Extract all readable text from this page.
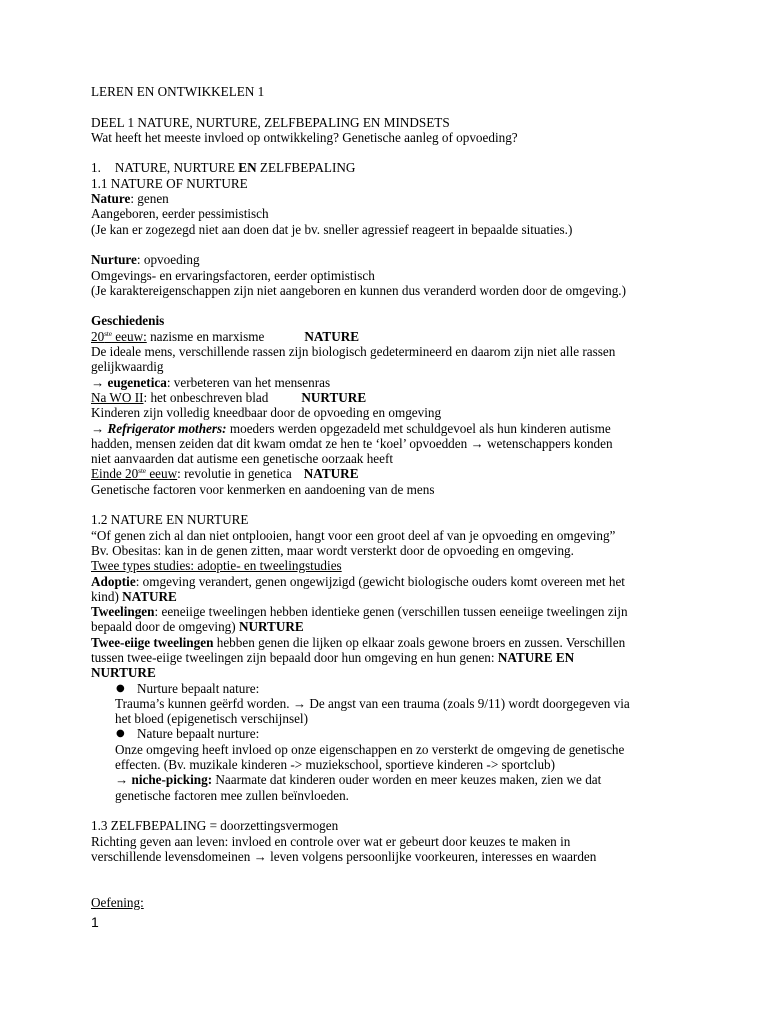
LEREN EN ONTWIKKELEN 1
DEEL 1 NATURE, NURTURE, ZELFBEPALING EN MINDSETS
Wat heeft het meeste invloed op ontwikkeling? Genetische aanleg of opvoeding?
1. NATURE, NURTURE EN ZELFBEPALING
1.1 NATURE OF NURTURE
Nature: genen
Aangeboren, eerder pessimistisch
(Je kan er zogezegd niet aan doen dat je bv. sneller agressief reageert in bepaalde situaties.)
Nurture: opvoeding
Omgevings- en ervaringsfactoren, eerder optimistisch
(Je karaktereigenschappen zijn niet aangeboren en kunnen dus veranderd worden door de omgeving.)
Geschiedenis
20ste eeuw: nazisme en marxisme	NATURE
De ideale mens, verschillende rassen zijn biologisch gedetermineerd en daarom zijn niet alle rassen
gelijkwaardig
→ eugenetica: verbeteren van het mensenras
Na WO II: het onbeschreven blad	NURTURE
Kinderen zijn volledig kneedbaar door de opvoeding en omgeving
→ Refrigerator mothers: moeders werden opgezadeld met schuldgevoel als hun kinderen autisme
hadden, mensen zeiden dat dit kwam omdat ze hen te ‘koel’ opvoedden → wetenschappers konden
niet aanvaarden dat autisme een genetische oorzaak heeft
Einde 20ste eeuw: revolutie in genetica NATURE
Genetische factoren voor kenmerken en aandoening van de mens
1.2 NATURE EN NURTURE
“Of genen zich al dan niet ontplooien, hangt voor een groot deel af van je opvoeding en omgeving”
Bv. Obesitas: kan in de genen zitten, maar wordt versterkt door de opvoeding en omgeving.
Twee types studies: adoptie- en tweelingstudies
Adoptie: omgeving verandert, genen ongewijzigd (gewicht biologische ouders komt overeen met het
kind) NATURE
Tweelingen: eeneiige tweelingen hebben identieke genen (verschillen tussen eeneiige tweelingen zijn
bepaald door de omgeving) NURTURE
Twee-eiige tweelingen hebben genen die lijken op elkaar zoals gewone broers en zussen. Verschillen
tussen twee-eiige tweelingen zijn bepaald door hun omgeving en hun genen: NATURE EN
NURTURE
● Nurture bepaalt nature:
Trauma’s kunnen geërfd worden. → De angst van een trauma (zoals 9/11) wordt doorgegeven via
het bloed (epigenetisch verschijnsel)
● Nature bepaalt nurture:
Onze omgeving heeft invloed op onze eigenschappen en zo versterkt de omgeving de genetische
effecten. (Bv. muzikale kinderen -> muziekschool, sportieve kinderen -> sportclub)
→ niche-picking: Naarmate dat kinderen ouder worden en meer keuzes maken, zien we dat
genetische factoren mee zullen beïnvloeden.
1.3 ZELFBEPALING = doorzettingsvermogen
Richting geven aan leven: invloed en controle over wat er gebeurt door keuzes te maken in
verschillende levensdomeinen → leven volgens persoonlijke voorkeuren, interesses en waarden
Oefening:
1
